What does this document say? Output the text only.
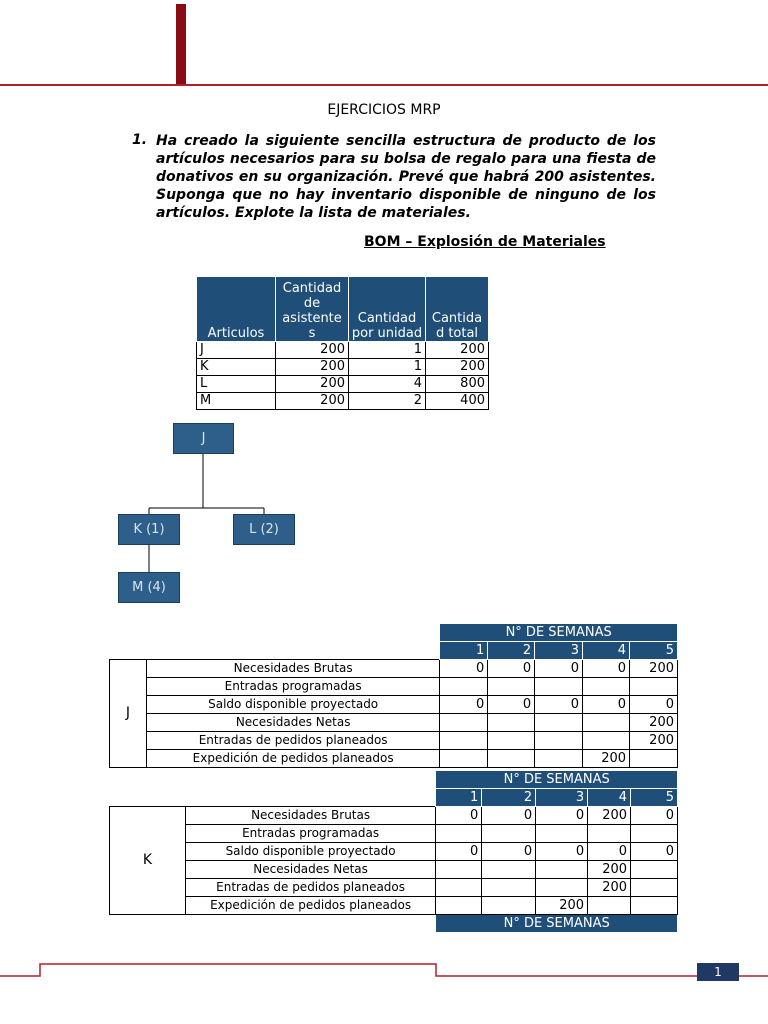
EJERCICIOS MRP
1. Ha creado la siguiente sencilla estructura de producto de los artículos necesarios para su bolsa de regalo para una fiesta de donativos en su organización. Prevé que habrá 200 asistentes. Suponga que no hay inventario disponible de ninguno de los artículos. Explote la lista de materiales.
BOM – Explosión de Materiales
Articulos	Cantidad de asistente s	Cantidad por unidad	Cantida d total
J	200	1	200
K	200	1	200
L	200	4	800
M	200	2	400
J
K (1)	L (2)
M (4)
		N° DE SEMANAS				
		1	2	3	4	5
J	Necesidades Brutas	0	0	0	0	200
	Entradas programadas					
	Saldo disponible proyectado	0	0	0	0	0
	Necesidades Netas					200
	Entradas de pedidos planeados					200
	Expedición de pedidos planeados				200	
		N° DE SEMANAS				
		1	2	3	4	5
K	Necesidades Brutas	0	0	0	200	0
	Entradas programadas					
	Saldo disponible proyectado	0	0	0	0	0
	Necesidades Netas				200	
	Entradas de pedidos planeados				200	
	Expedición de pedidos planeados			200		
		N° DE SEMANAS				
1
